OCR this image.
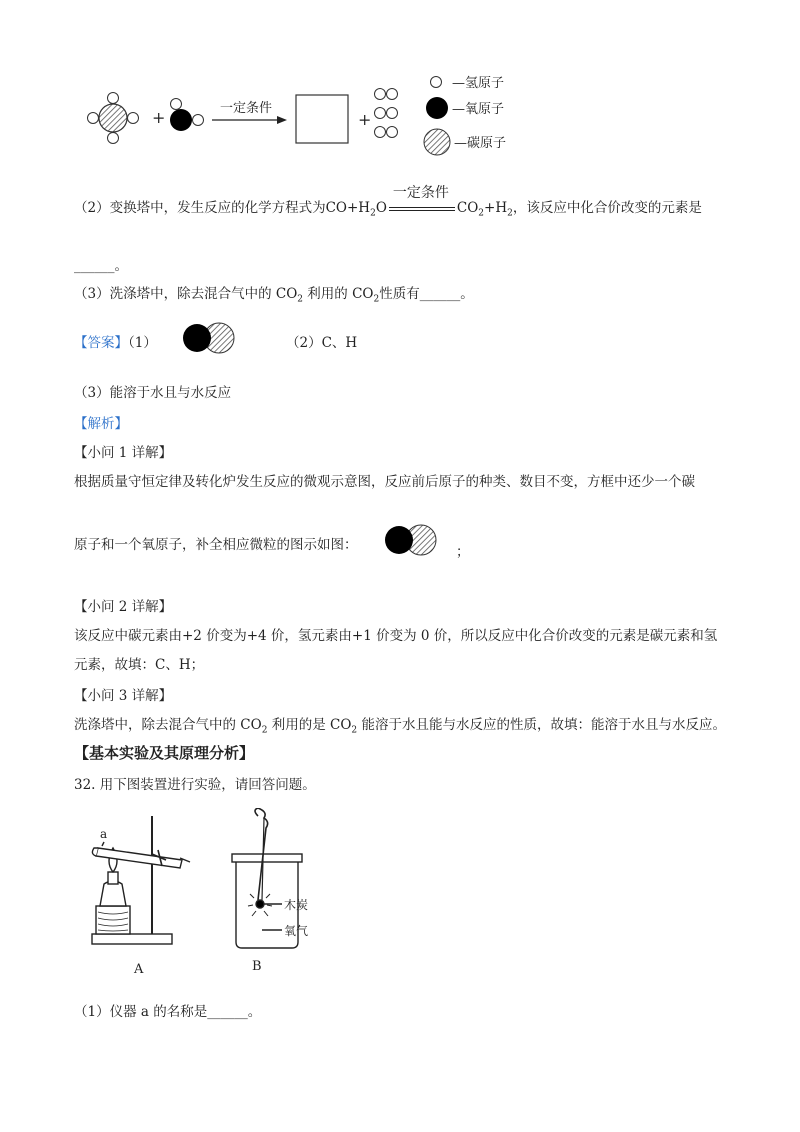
+	一定条件
+
—氢原子
—氧原子
—碳原子
（2）变换塔中，发生反应的化学方程式为$CO+H_2O$
一定条件
$CO_2+H_2$，该反应中化合价改变的元素是
______。
（3）洗涤塔中，除去混合气中的 $CO_2$ 利用的 $CO_2$性质有______。
【答案】（1）	（2）C、H
（3）能溶于水且与水反应
【解析】
【小问 1 详解】
根据质量守恒定律及转化炉发生反应的微观示意图，反应前后原子的种类、数目不变，方框中还少一个碳
原子和一个氧原子，补全相应微粒的图示如图：	；
【小问 2 详解】
该反应中碳元素由+2 价变为+4 价，氢元素由+1 价变为 0 价，所以反应中化合价改变的元素是碳元素和氢
元素，故填：C、H；
【小问 3 详解】
洗涤塔中，除去混合气中的 $CO_2$ 利用的是 $CO_2$ 能溶于水且能与水反应的性质，故填：能溶于水且与水反应。
【基本实验及其原理分析】
32. 用下图装置进行实验，请回答问题。
a
A
木炭
氧气
B
（1）仪器 a 的名称是______。
